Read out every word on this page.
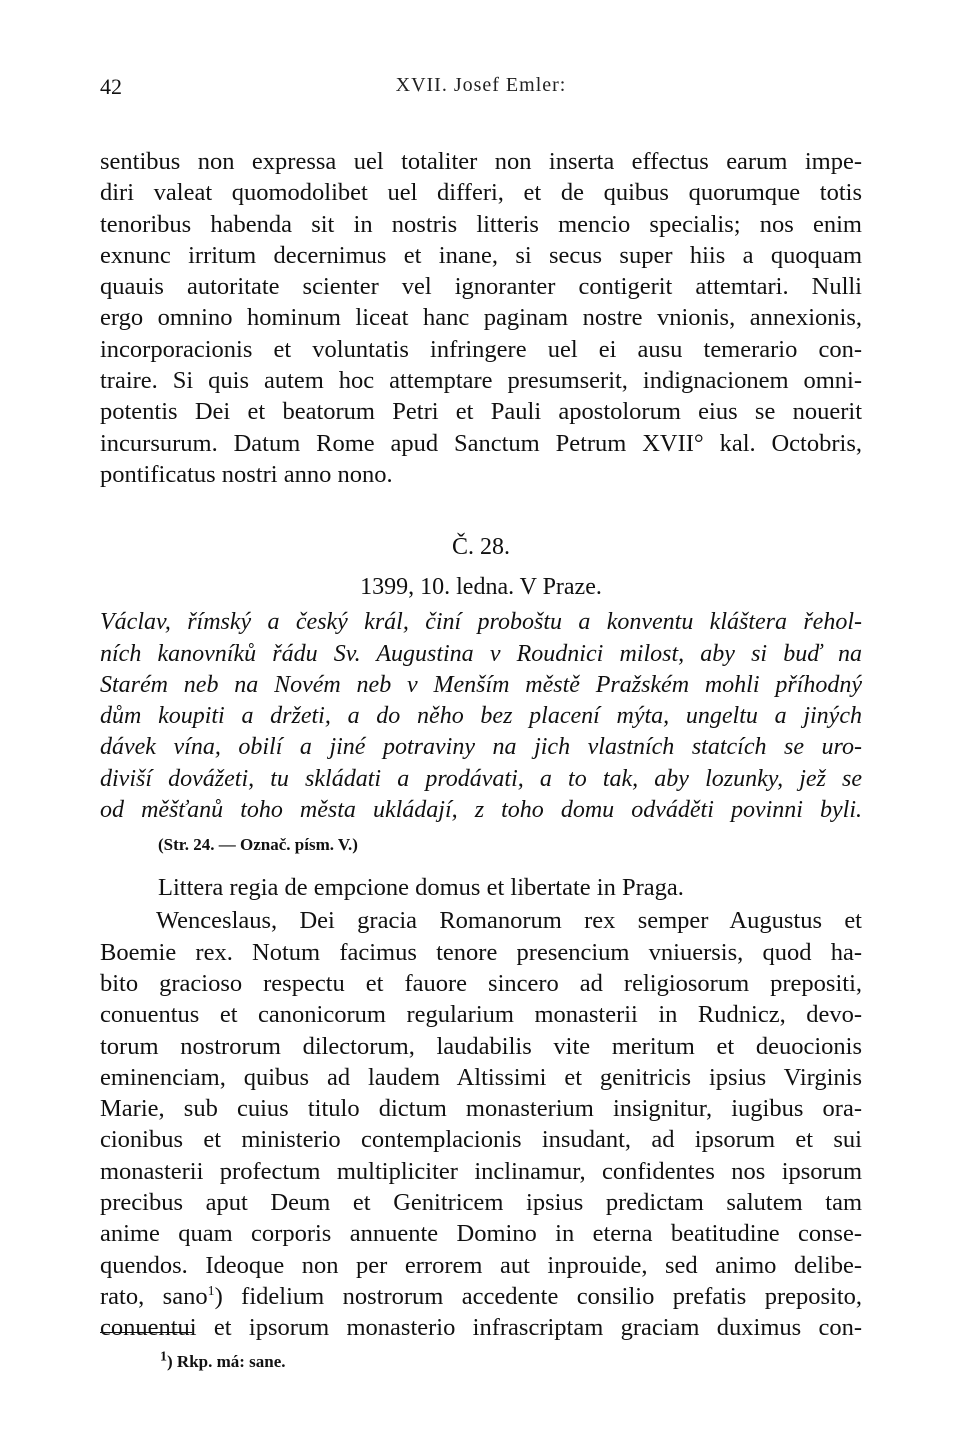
42	XVII. Josef Emler:
sentibus non expressa uel totaliter non inserta effectus earum impe-
diri valeat quomodolibet uel differi, et de quibus quorumque totis
tenoribus habenda sit in nostris litteris mencio specialis; nos enim
exnunc irritum decernimus et inane, si secus super hiis a quoquam
quauis autoritate scienter vel ignoranter contigerit attemtari. Nulli
ergo omnino hominum liceat hanc paginam nostre vnionis, annexionis,
incorporacionis et voluntatis infringere uel ei ausu temerario con-
traire. Si quis autem hoc attemptare presumserit, indignacionem omni-
potentis Dei et beatorum Petri et Pauli apostolorum eius se nouerit
incursurum. Datum Rome apud Sanctum Petrum XVII° kal. Octobris,
pontificatus nostri anno nono.
Č. 28.
1399, 10. ledna. V Praze.
Václav, římský a český král, činí proboštu a konventu kláštera řehol-
ních kanovníků řádu Sv. Augustina v Roudnici milost, aby si buď na
Starém neb na Novém neb v Menším městě Pražském mohli příhodný
dům koupiti a držeti, a do něho bez placení mýta, ungeltu a jiných
dávek vína, obilí a jiné potraviny na jich vlastních statcích se uro-
diviší dovážeti, tu skládati a prodávati, a to tak, aby lozunky, jež se
od měšťanů toho města ukládají, z toho domu odváděti povinni byli.
(Str. 24. — Označ. písm. V.)
Littera regia de empcione domus et libertate in Praga.
Wenceslaus, Dei gracia Romanorum rex semper Augustus et
Boemie rex. Notum facimus tenore presencium vniuersis, quod ha-
bito gracioso respectu et fauore sincero ad religiosorum prepositi,
conuentus et canonicorum regularium monasterii in Rudnicz, devo-
torum nostrorum dilectorum, laudabilis vite meritum et deuocionis
eminenciam, quibus ad laudem Altissimi et genitricis ipsius Virginis
Marie, sub cuius titulo dictum monasterium insignitur, iugibus ora-
cionibus et ministerio contemplacionis insudant, ad ipsorum et sui
monasterii profectum multipliciter inclinamur, confidentes nos ipsorum
precibus aput Deum et Genitricem ipsius predictam salutem tam
anime quam corporis annuente Domino in eterna beatitudine conse-
quendos. Ideoque non per errorem aut inprouide, sed animo delibe-
rato, sano$^1$) fidelium nostrorum accedente consilio prefatis preposito,
conuentui et ipsorum monasterio infrascriptam graciam duximus con-
$^1$) Rkp. má: sane.
